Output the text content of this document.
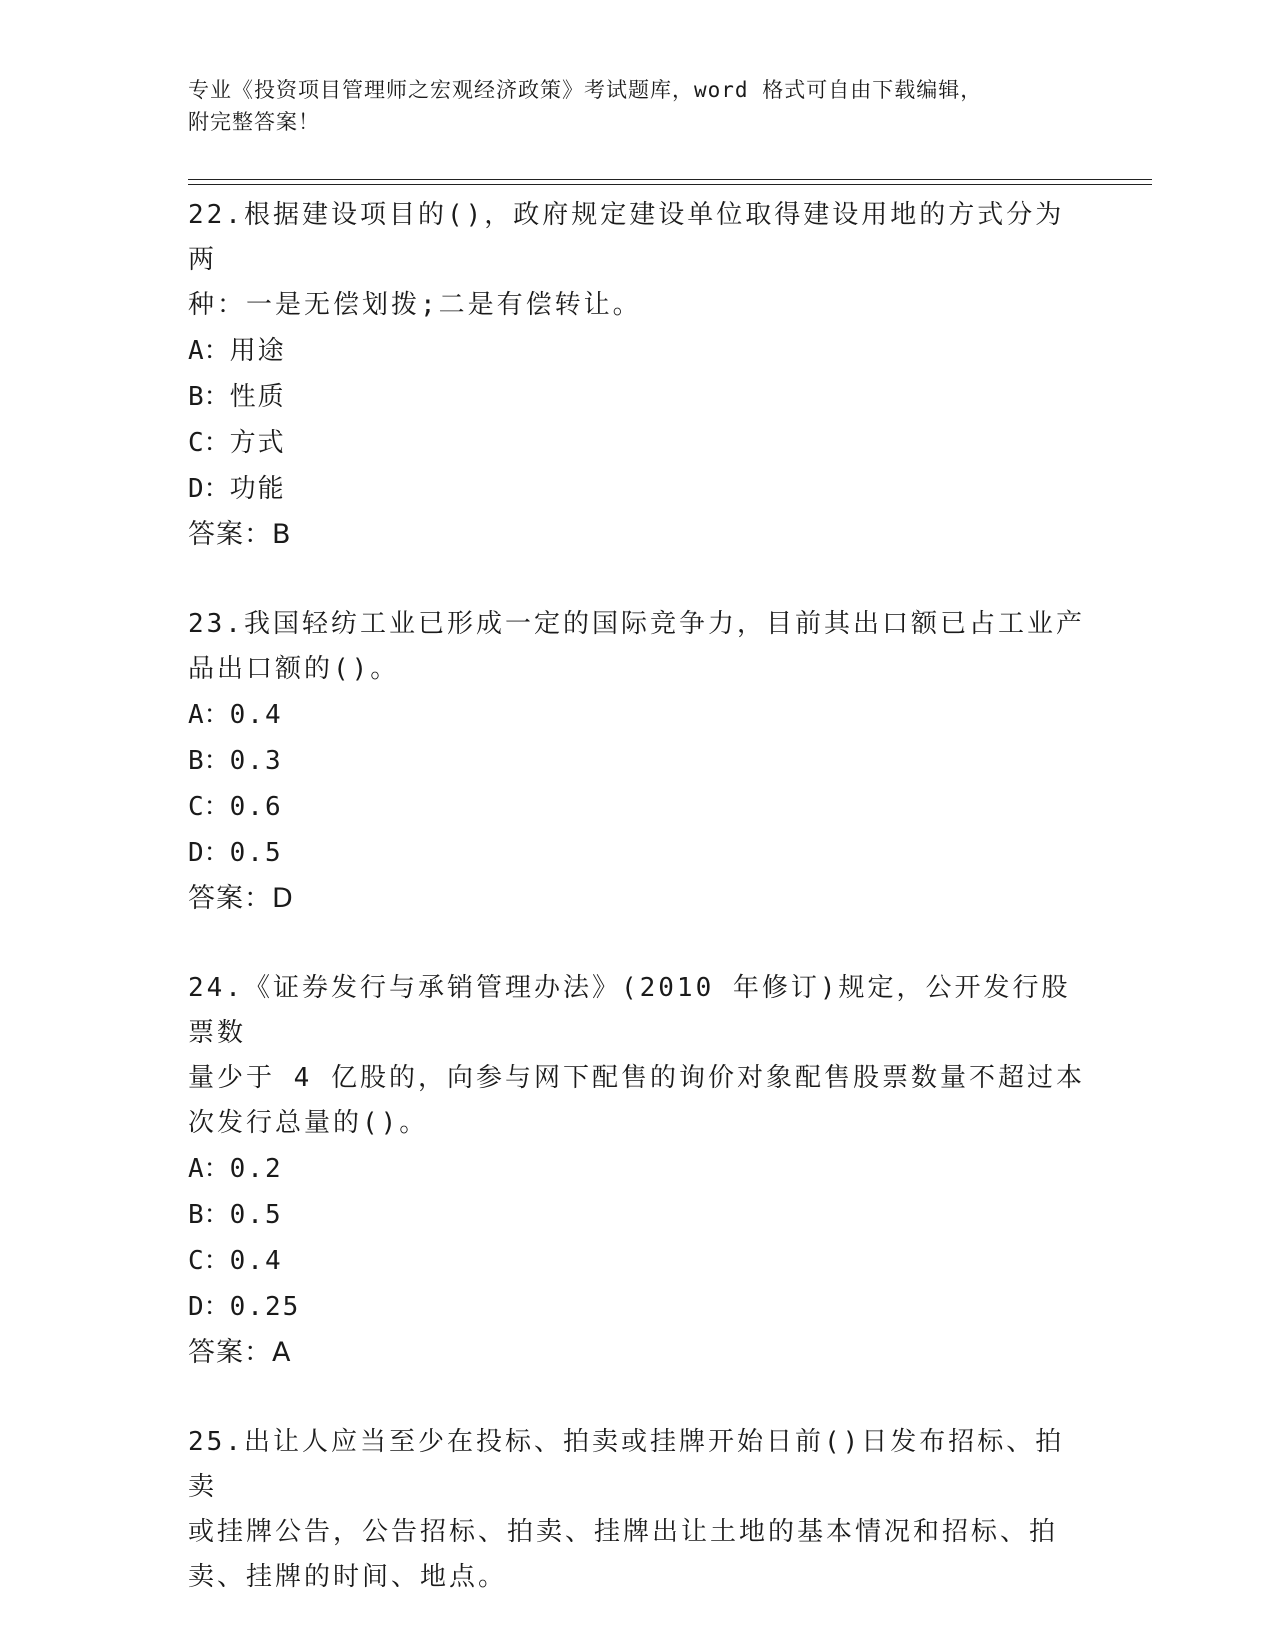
专业《投资项目管理师之宏观经济政策》考试题库，word 格式可自由下载编辑，
附完整答案！

22.根据建设项目的()，政府规定建设单位取得建设用地的方式分为两
种：一是无偿划拨;二是有偿转让。

A：用途

B：性质

C：方式

D：功能

答案：B

23.我国轻纺工业已形成一定的国际竞争力，目前其出口额已占工业产
品出口额的()。

A：0.4

B：0.3

C：0.6

D：0.5

答案：D

24.《证券发行与承销管理办法》(2010 年修订)规定，公开发行股票数
量少于 4 亿股的，向参与网下配售的询价对象配售股票数量不超过本
次发行总量的()。

A：0.2

B：0.5

C：0.4

D：0.25

答案：A

25.出让人应当至少在投标、拍卖或挂牌开始日前()日发布招标、拍卖
或挂牌公告，公告招标、拍卖、挂牌出让土地的基本情况和招标、拍
卖、挂牌的时间、地点。
